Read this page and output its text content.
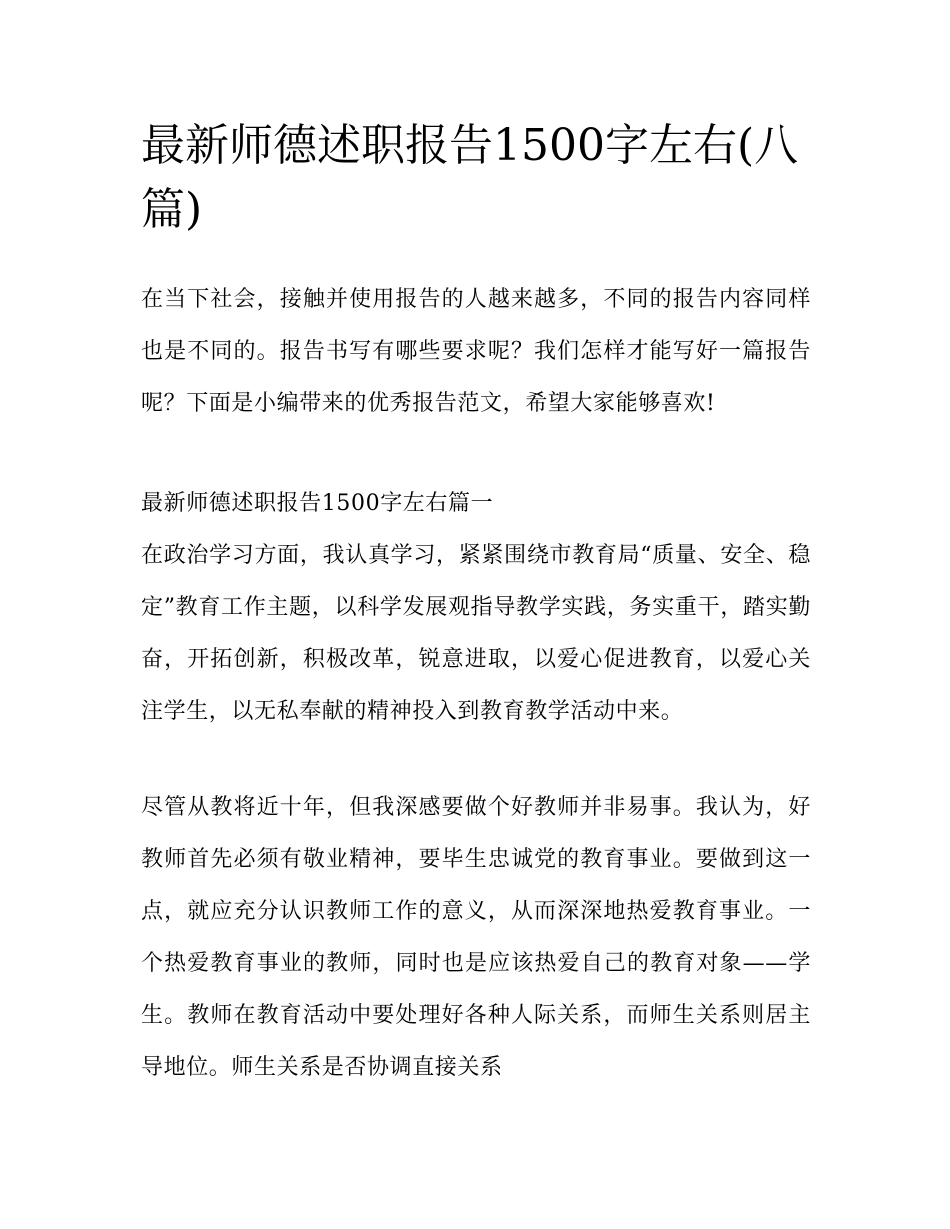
最新师德述职报告1500字左右(八篇)

在当下社会，接触并使用报告的人越来越多，不同的报告内容同样也是不同的。报告书写有哪些要求呢？我们怎样才能写好一篇报告呢？下面是小编带来的优秀报告范文，希望大家能够喜欢!

最新师德述职报告1500字左右篇一

在政治学习方面，我认真学习，紧紧围绕市教育局“质量、安全、稳定”教育工作主题，以科学发展观指导教学实践，务实重干，踏实勤奋，开拓创新，积极改革，锐意进取，以爱心促进教育，以爱心关注学生，以无私奉献的精神投入到教育教学活动中来。

尽管从教将近十年，但我深感要做个好教师并非易事。我认为，好教师首先必须有敬业精神，要毕生忠诚党的教育事业。要做到这一点，就应充分认识教师工作的意义，从而深深地热爱教育事业。一个热爱教育事业的教师，同时也是应该热爱自己的教育对象——学生。教师在教育活动中要处理好各种人际关系，而师生关系则居主导地位。师生关系是否协调直接关系
